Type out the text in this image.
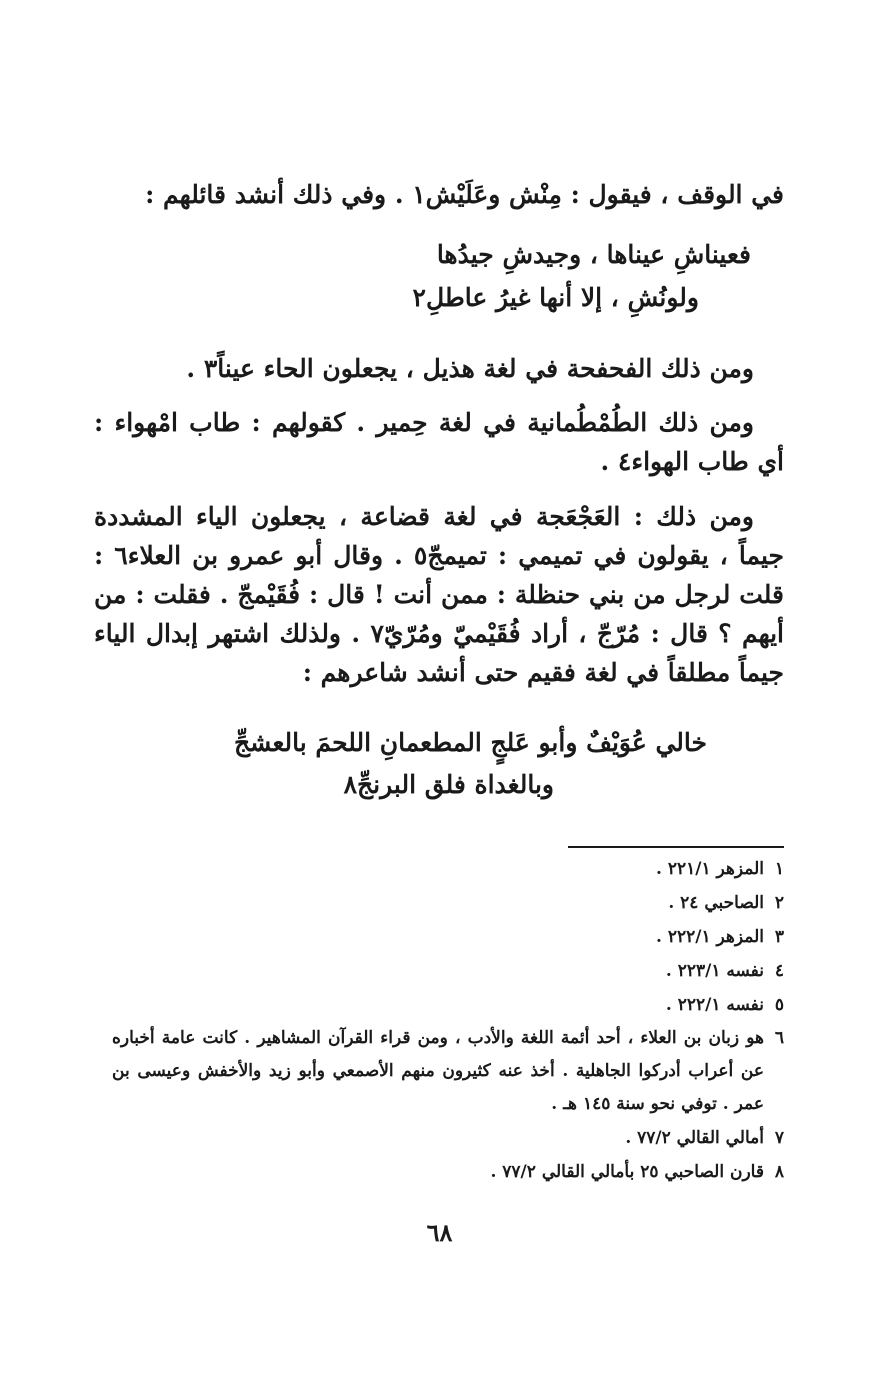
في الوقف ، فيقول : مِنْش وعَلَيْش١ . وفي ذلك أنشد قائلهم :

فعيناشِ عيناها ، وجيدشِ جيدُها
ولونُشِ ، إلا أنها غيرُ عاطلِ٢

ومن ذلك الفحفحة في لغة هذيل ، يجعلون الحاء عيناً٣ .

ومن ذلك الطُمْطُمانية في لغة حِمير . كقولهم : طاب امْهواء : أي طاب الهواء٤ .

ومن ذلك : العَجْعَجة في لغة قضاعة ، يجعلون الياء المشددة جيماً ، يقولون في تميمي : تميمجّ٥ . وقال أبو عمرو بن العلاء٦ : قلت لرجل من بني حنظلة : ممن أنت ! قال : فُقَيْمجّ . فقلت : من أيهم ؟ قال : مُرّجّ ، أراد فُقَيْميّ ومُرّيّ٧ . ولذلك اشتهر إبدال الياء جيماً مطلقاً في لغة فقيم حتى أنشد شاعرهم :

خالي عُوَيْفٌ وأبو عَلجٍ المطعمانِ اللحمَ بالعشجِّ
وبالغداة فلق البرنجِّ٨
١
المزهر ٢٢١/١ .
٢
الصاحبي ٢٤ .
٣
المزهر ٢٢٢/١ .
٤
نفسه ٢٢٣/١ .
٥
نفسه ٢٢٢/١ .
٦
هو زبان بن العلاء ، أحد أئمة اللغة والأدب ، ومن قراء القرآن المشاهير . كانت عامة أخباره عن أعراب أدركوا الجاهلية . أخذ عنه كثيرون منهم الأصمعي وأبو زيد والأخفش وعيسى بن عمر . توفي نحو سنة ١٤٥ هـ .
٧
أمالي القالي ٧٧/٢ .
٨
قارن الصاحبي ٢٥ بأمالي القالي ٧٧/٢ .
٦٨
